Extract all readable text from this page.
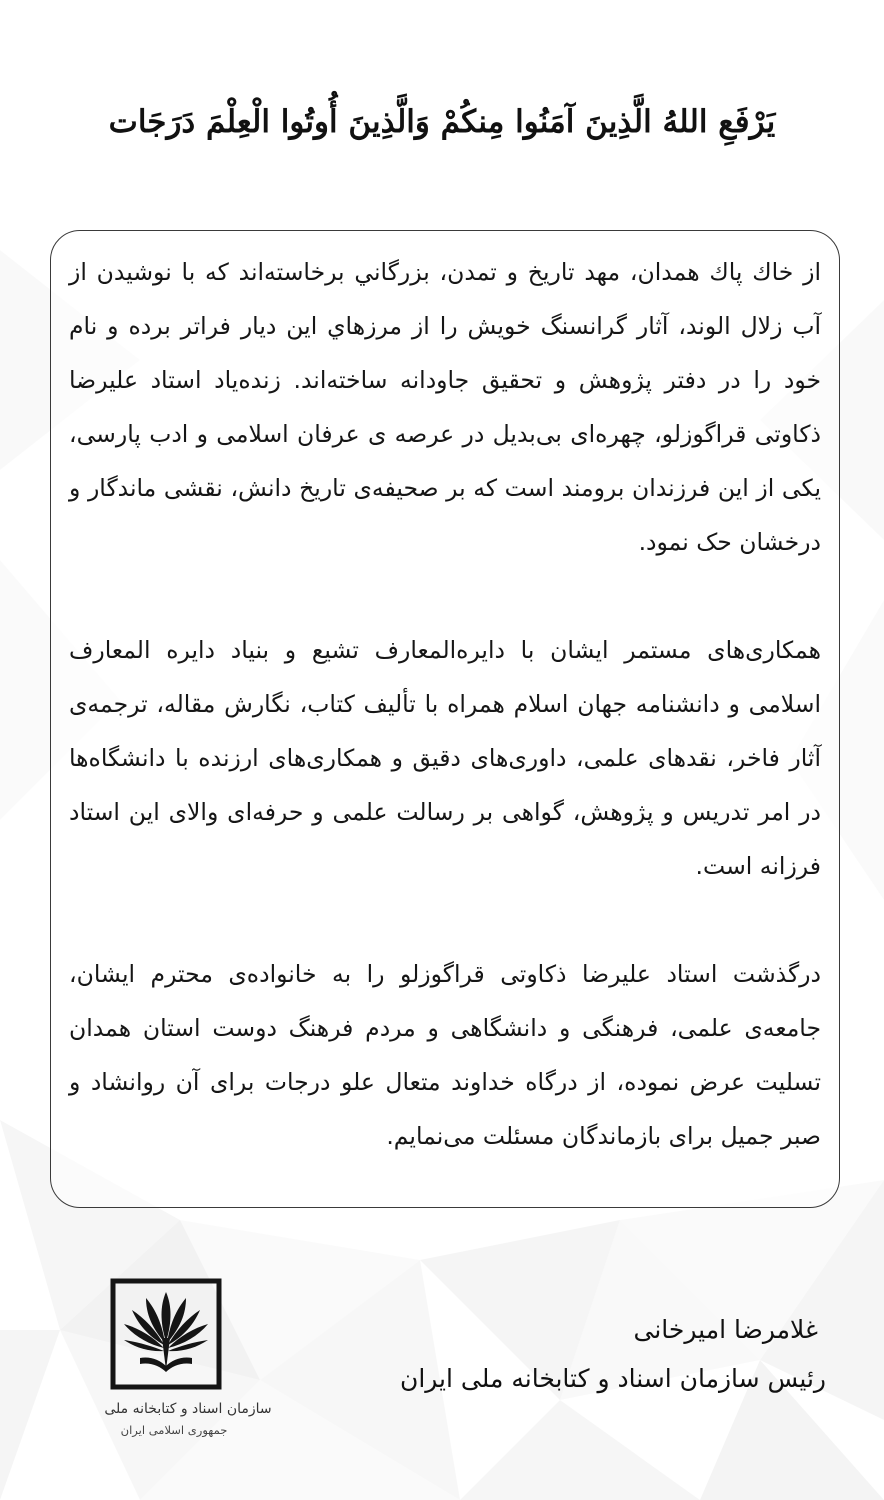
يَرْفَعِ اللهُ الَّذِينَ آمَنُوا مِنكُمْ وَالَّذِينَ أُوتُوا الْعِلْمَ دَرَجَات

از خاك پاك همدان، مهد تاريخ و تمدن، بزرگاني برخاسته‌اند كه با نوشيدن از آب زلال الوند، آثار گرانسنگ خويش را از مرزهاي اين ديار فراتر برده و نام خود را در دفتر پژوهش و تحقيق جاودانه ساخته‌اند. زنده‌یاد استاد علیرضا ذکاوتی قراگوزلو، چهره‌ای بی‌بدیل در عرصه ی عرفان اسلامی و ادب پارسی، یکی از این فرزندان برومند است که بر صحیفه‌ی تاریخ دانش، نقشی ماندگار و درخشان حک نمود.

همکاری‌های مستمر ایشان با دایره‌المعارف تشیع و بنیاد دایره المعارف اسلامی و دانشنامه جهان اسلام همراه با تألیف کتاب، نگارش مقاله، ترجمه‌ی آثار فاخر، نقدهای علمی، داوری‌های دقیق و همکاری‌های ارزنده با دانشگاه‌ها در امر تدریس و پژوهش، گواهی بر رسالت علمی و حرفه‌ای والای این استاد فرزانه است.

درگذشت استاد علیرضا ذکاوتی قراگوزلو را به خانواده‌ی محترم ایشان، جامعه‌ی علمی، فرهنگی و دانشگاهی و مردم فرهنگ دوست استان همدان تسلیت عرض نموده، از درگاه خداوند متعال علو درجات برای آن روانشاد و صبر جمیل برای بازماندگان مسئلت می‌نمایم.

سازمان اسناد و کتابخانه ملی
جمهوری اسلامی ایران
غلامرضا امیرخانی
رئیس سازمان اسناد و کتابخانه ملی ایران
